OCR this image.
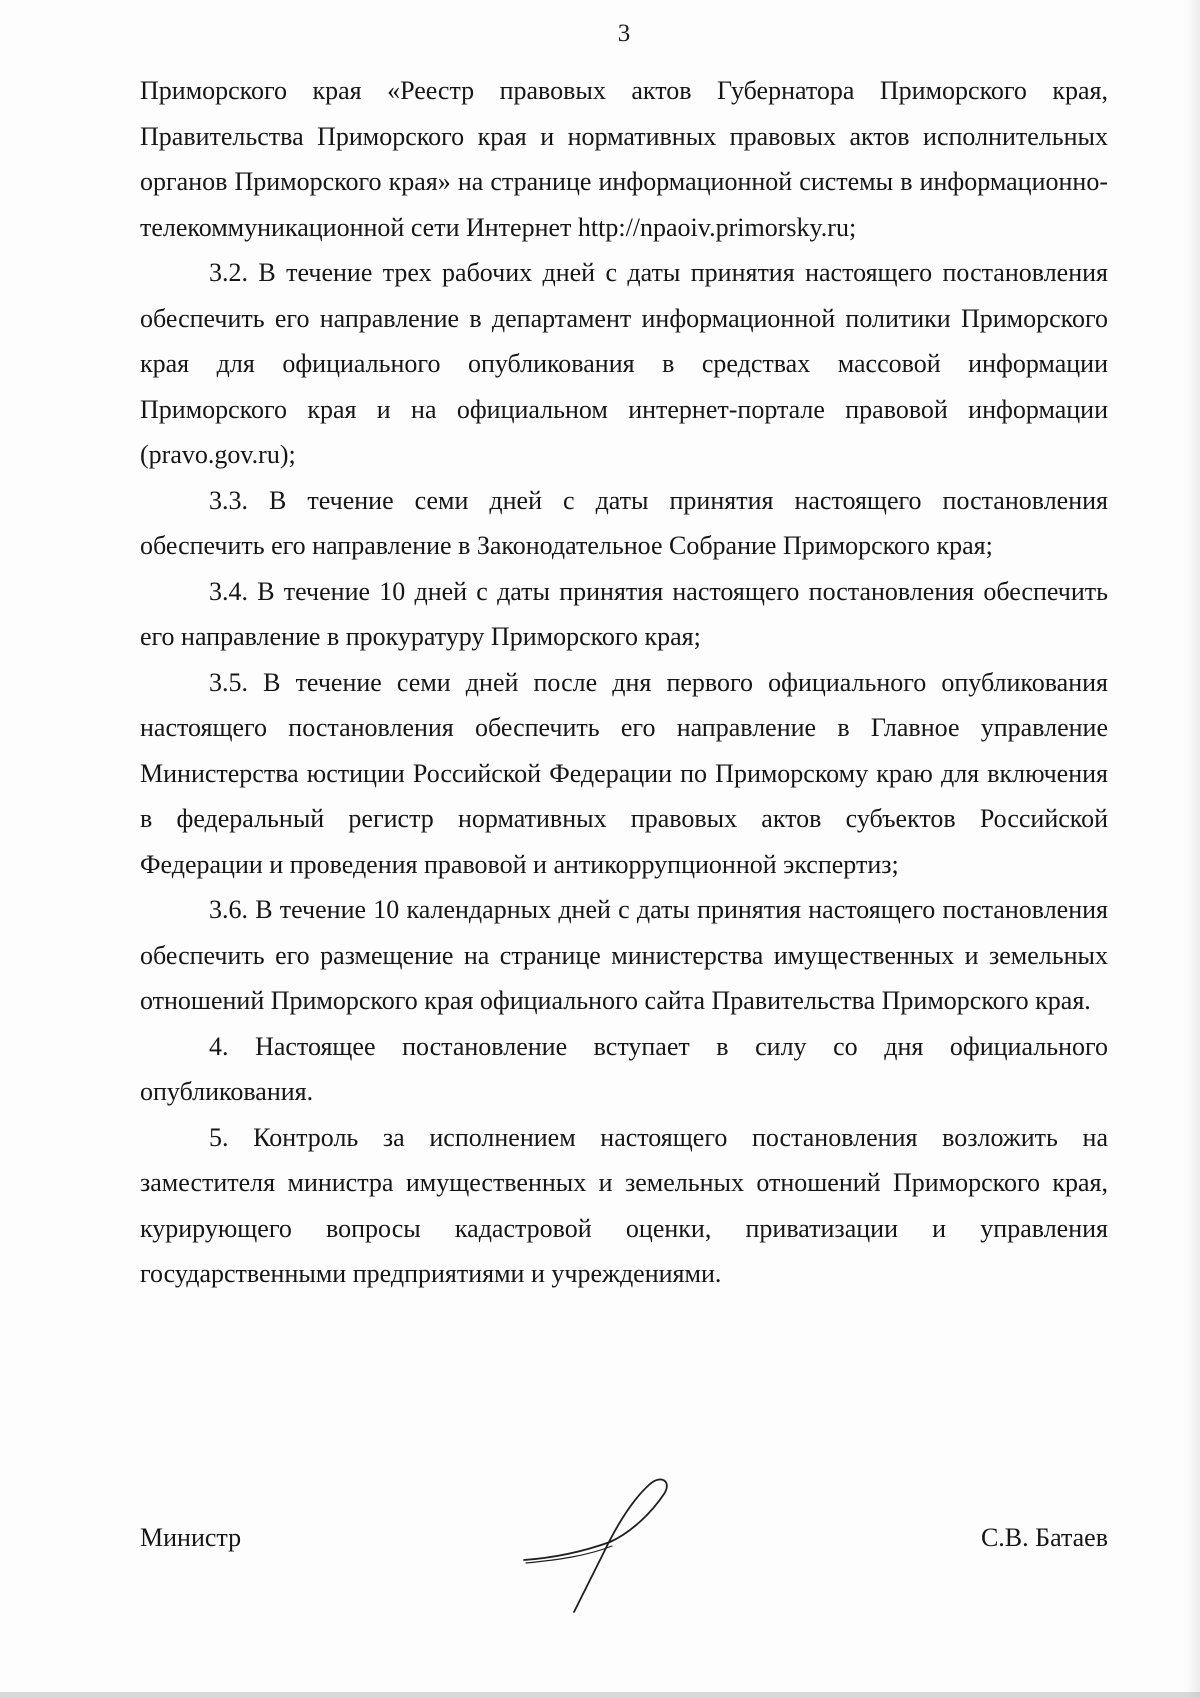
3

Приморского края «Реестр правовых актов Губернатора Приморского края, Правительства Приморского края и нормативных правовых актов исполнительных органов Приморского края» на странице информационной системы в информационно-телекоммуникационной сети Интернет http://npaoiv.primorsky.ru;

3.2. В течение трех рабочих дней с даты принятия настоящего постановления обеспечить его направление в департамент информационной политики Приморского края для официального опубликования в средствах массовой информации Приморского края и на официальном интернет-портале правовой информации (pravo.gov.ru);

3.3. В течение семи дней с даты принятия настоящего постановления обеспечить его направление в Законодательное Собрание Приморского края;

3.4. В течение 10 дней с даты принятия настоящего постановления обеспечить его направление в прокуратуру Приморского края;

3.5. В течение семи дней после дня первого официального опубликования настоящего постановления обеспечить его направление в Главное управление Министерства юстиции Российской Федерации по Приморскому краю для включения в федеральный регистр нормативных правовых актов субъектов Российской Федерации и проведения правовой и антикоррупционной экспертиз;

3.6. В течение 10 календарных дней с даты принятия настоящего постановления обеспечить его размещение на странице министерства имущественных и земельных отношений Приморского края официального сайта Правительства Приморского края.

4. Настоящее постановление вступает в силу со дня официального опубликования.

5. Контроль за исполнением настоящего постановления возложить на заместителя министра имущественных и земельных отношений Приморского края, курирующего вопросы кадастровой оценки, приватизации и управления государственными предприятиями и учреждениями.

Министр	С.В. Батаев
